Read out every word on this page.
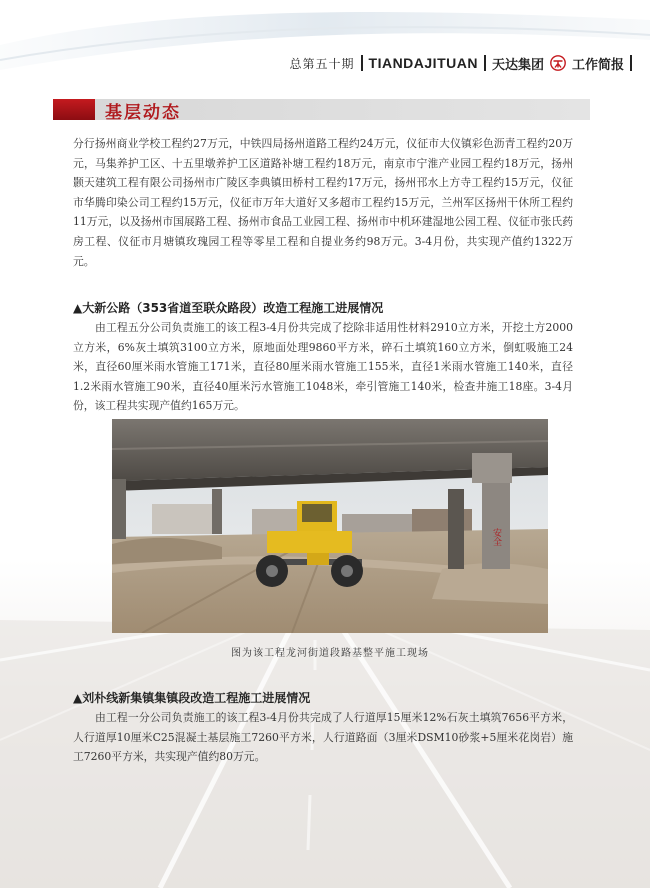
总第五十期 TIANDAJITUAN 天达集团 工作简报
基层动态

分行扬州商业学校工程约27万元，中铁四局扬州道路工程约24万元，仪征市大仪镇彩色沥青工程约20万元，马集养护工区、十五里墩养护工区道路补塘工程约18万元，南京市宁淮产业园工程约18万元，扬州颢天建筑工程有限公司扬州市广陵区李典镇田桥村工程约17万元，扬州邗水上方寺工程约15万元，仪征市华腾印染公司工程约15万元，仪征市万年大道好又多超市工程约15万元，兰州军区扬州干休所工程约11万元，以及扬州市国展路工程、扬州市食品工业园工程、扬州市中机环建湿地公园工程、仪征市张氏药房工程、仪征市月塘镇玫瑰园工程等零星工程和自提业务约98万元。3-4月份，共实现产值约1322万元。

▲大新公路（353省道至联众路段）改造工程施工进展情况

由工程五分公司负责施工的该工程3-4月份共完成了挖除非适用性材料2910立方米，开挖土方2000立方米，6%灰土填筑3100立方米，原地面处理9860平方米，碎石土填筑160立方米，倒虹吸施工24米，直径60厘米雨水管施工171米，直径80厘米雨水管施工155米，直径1米雨水管施工140米，直径1.2米雨水管施工90米，直径40厘米污水管施工1048米，牵引管施工140米，检查井施工18座。3-4月份，该工程共实现产值约165万元。

安全
图为该工程龙河街道段路基整平施工现场
▲刘朴线新集镇集镇段改造工程施工进展情况

由工程一分公司负责施工的该工程3-4月份共完成了人行道厚15厘米12%石灰土填筑7656平方米，人行道厚10厘米C25混凝土基层施工7260平方米，人行道路面（3厘米DSM10砂浆+5厘米花岗岩）施工7260平方米，共实现产值约80万元。
